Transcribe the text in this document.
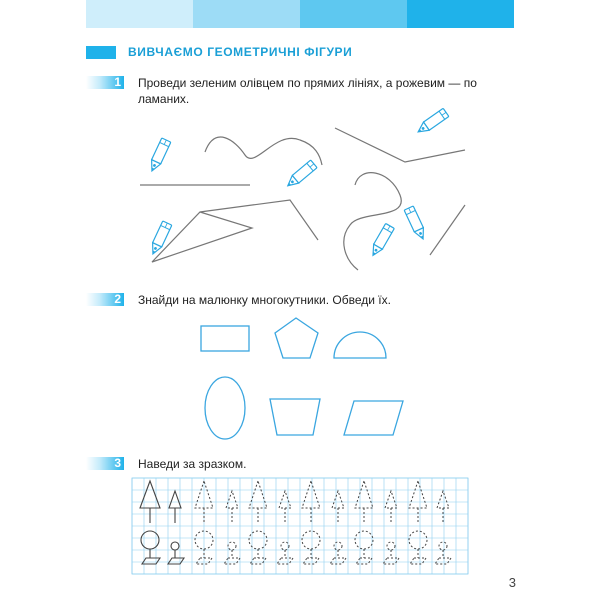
ВИВЧАЄМО ГЕОМЕТРИЧНІ ФІГУРИ
1 Проведи зеленим олівцем по прямих лініях, а рожевим — по ламаних.
2 Знайди на малюнку многокутники. Обведи їх.
3 Наведи за зразком.
3
